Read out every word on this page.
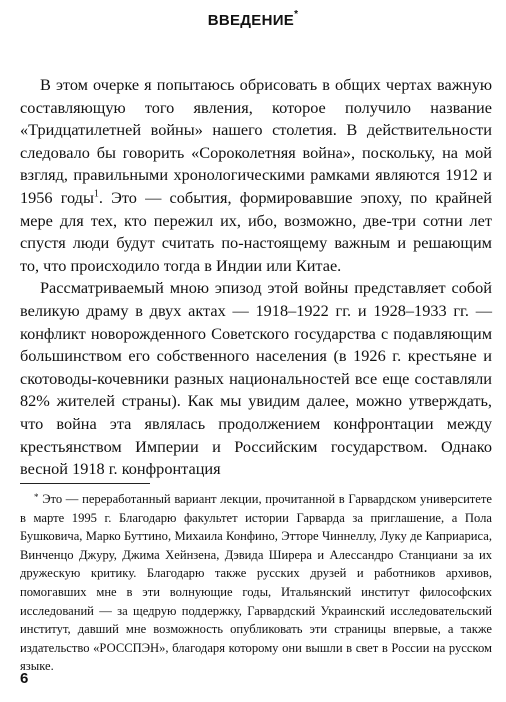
ВВЕДЕНИЕ*

В этом очерке я попытаюсь обрисовать в общих чертах важную составляющую того явления, которое получило название «Тридцатилетней войны» нашего столетия. В действительности следовало бы говорить «Сороколетняя война», поскольку, на мой взгляд, правильными хронологическими рамками являются 1912 и 1956 годы$^1$. Это — события, формировавшие эпоху, по крайней мере для тех, кто пережил их, ибо, возможно, две-три сотни лет спустя люди будут считать по-настоящему важным и решающим то, что происходило тогда в Индии или Китае.

Рассматриваемый мною эпизод этой войны представляет собой великую драму в двух актах — 1918–1922 гг. и 1928–1933 гг. — конфликт новорожденного Советского государства с подавляющим большинством его собственного населения (в 1926 г. крестьяне и скотоводы-кочевники разных национальностей все еще составляли 82% жителей страны). Как мы увидим далее, можно утверждать, что война эта являлась продолжением конфронтации между крестьянством Империи и Российским государством. Однако весной 1918 г. конфронтация

* Это — переработанный вариант лекции, прочитанной в Гарвардском университете в марте 1995 г. Благодарю факультет истории Гарварда за приглашение, а Пола Бушковича, Марко Буттино, Михаила Конфино, Этторе Чиннеллу, Луку де Каприариса, Винченцо Джуру, Джима Хейнзена, Дэвида Ширера и Алессандро Станциани за их дружескую критику. Благодарю также русских друзей и работников архивов, помогавших мне в эти волнующие годы, Итальянский институт философских исследований — за щедрую поддержку, Гарвардский Украинский исследовательский институт, давший мне возможность опубликовать эти страницы впервые, а также издательство «РОССПЭН», благодаря которому они вышли в свет в России на русском языке.

6
